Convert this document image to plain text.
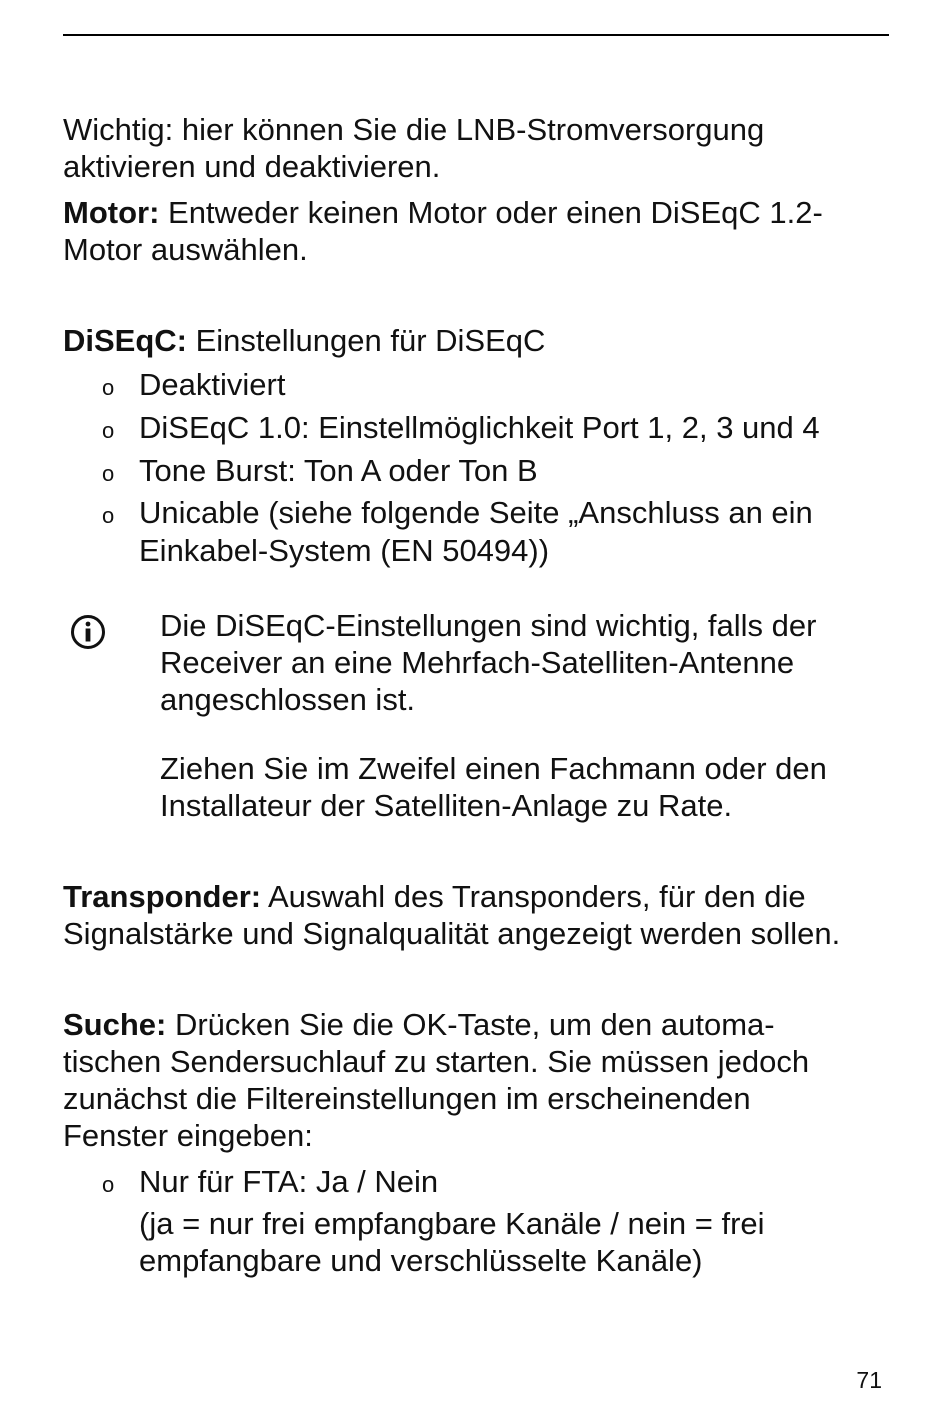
Wichtig: hier können Sie die LNB-Stromversorgung
aktivieren und deaktivieren.
Motor: Entweder keinen Motor oder einen DiSEqC 1.2-
Motor auswählen.
DiSEqC: Einstellungen für DiSEqC
o Deaktiviert
o DiSEqC 1.0: Einstellmöglichkeit Port 1, 2, 3 und 4
o Tone Burst: Ton A oder Ton B
o Unicable (siehe folgende Seite „Anschluss an ein
Einkabel-System (EN 50494))
Die DiSEqC-Einstellungen sind wichtig, falls der
Receiver an eine Mehrfach-Satelliten-Antenne
angeschlossen ist.
Ziehen Sie im Zweifel einen Fachmann oder den
Installateur der Satelliten-Anlage zu Rate.
Transponder: Auswahl des Transponders, für den die
Signalstärke und Signalqualität angezeigt werden sollen.
Suche: Drücken Sie die OK-Taste, um den automa-
tischen Sendersuchlauf zu starten. Sie müssen jedoch
zunächst die Filtereinstellungen im erscheinenden
Fenster eingeben:
o Nur für FTA: Ja / Nein
(ja = nur frei empfangbare Kanäle / nein = frei
empfangbare und verschlüsselte Kanäle)
71
